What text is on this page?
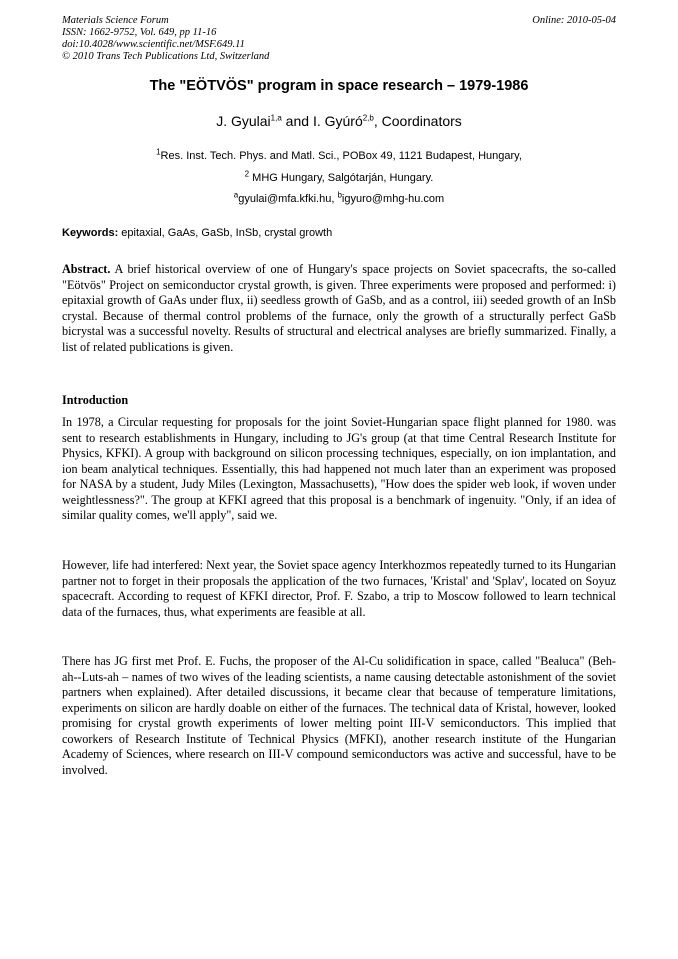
Materials Science Forum
ISSN: 1662-9752, Vol. 649, pp 11-16
doi:10.4028/www.scientific.net/MSF.649.11
© 2010 Trans Tech Publications Ltd, Switzerland
Online: 2010-05-04
The "EÖTVÖS" program in space research – 1979-1986
J. Gyulai$^{1,a}$ and I. Gyúró$^{2,b}$, Coordinators
$^1$Res. Inst. Tech. Phys. and Matl. Sci., POBox 49, 1121 Budapest, Hungary,
$^2$ MHG Hungary, Salgótarján, Hungary.
$^a$gyulai@mfa.kfki.hu, $^b$igyuro@mhg-hu.com
Keywords: epitaxial, GaAs, GaSb, InSb, crystal growth
Abstract. A brief historical overview of one of Hungary's space projects on Soviet spacecrafts, the so-called "Eötvös" Project on semiconductor crystal growth, is given. Three experiments were proposed and performed: i) epitaxial growth of GaAs under flux, ii) seedless growth of GaSb, and as a control, iii) seeded growth of an InSb crystal. Because of thermal control problems of the furnace, only the growth of a structurally perfect GaSb bicrystal was a successful novelty. Results of structural and electrical analyses are briefly summarized. Finally, a list of related publications is given.
Introduction
In 1978, a Circular requesting for proposals for the joint Soviet-Hungarian space flight planned for 1980. was sent to research establishments in Hungary, including to JG's group (at that time Central Research Institute for Physics, KFKI). A group with background on silicon processing techniques, especially, on ion implantation, and ion beam analytical techniques. Essentially, this had happened not much later than an experiment was proposed for NASA by a student, Judy Miles (Lexington, Massachusetts), "How does the spider web look, if woven under weightlessness?". The group at KFKI agreed that this proposal is a benchmark of ingenuity. "Only, if an idea of similar quality comes, we'll apply", said we.
However, life had interfered: Next year, the Soviet space agency Interkhozmos repeatedly turned to its Hungarian partner not to forget in their proposals the application of the two furnaces, 'Kristal' and 'Splav', located on Soyuz spacecraft. According to request of KFKI director, Prof. F. Szabo, a trip to Moscow followed to learn technical data of the furnaces, thus, what experiments are feasible at all.
There has JG first met Prof. E. Fuchs, the proposer of the Al-Cu solidification in space, called "Bealuca" (Beh-ah--Luts-ah – names of two wives of the leading scientists, a name causing detectable astonishment of the soviet partners when explained). After detailed discussions, it became clear that because of temperature limitations, experiments on silicon are hardly doable on either of the furnaces. The technical data of Kristal, however, looked promising for crystal growth experiments of lower melting point III-V semiconductors. This implied that coworkers of Research Institute of Technical Physics (MFKI), another research institute of the Hungarian Academy of Sciences, where research on III-V compound semiconductors was active and successful, have to be involved.
